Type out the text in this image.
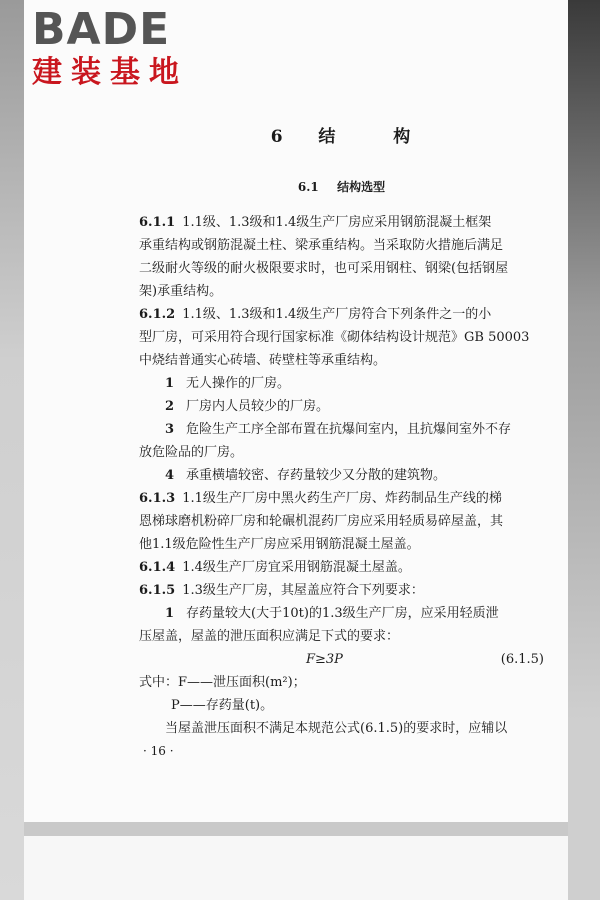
BADE
建装基地
6 结	构
6.1 结构选型
6.1.1 1.1级、1.3级和1.4级生产厂房应采用钢筋混凝土框架
承重结构或钢筋混凝土柱、梁承重结构。当采取防火措施后满足
二级耐火等级的耐火极限要求时，也可采用钢柱、钢梁(包括钢屋
架)承重结构。
6.1.2 1.1级、1.3级和1.4级生产厂房符合下列条件之一的小
型厂房，可采用符合现行国家标准《砌体结构设计规范》GB 50003
中烧结普通实心砖墙、砖壁柱等承重结构。
1 无人操作的厂房。
2 厂房内人员较少的厂房。
3 危险生产工序全部布置在抗爆间室内，且抗爆间室外不存
放危险品的厂房。
4 承重横墙较密、存药量较少又分散的建筑物。
6.1.3 1.1级生产厂房中黑火药生产厂房、炸药制品生产线的梯
恩梯球磨机粉碎厂房和轮碾机混药厂房应采用轻质易碎屋盖，其
他1.1级危险性生产厂房应采用钢筋混凝土屋盖。
6.1.4 1.4级生产厂房宜采用钢筋混凝土屋盖。
6.1.5 1.3级生产厂房，其屋盖应符合下列要求：
1 存药量较大(大于10t)的1.3级生产厂房，应采用轻质泄
压屋盖，屋盖的泄压面积应满足下式的要求：
F≥3P	(6.1.5)
式中：F——泄压面积(m²)；
P——存药量(t)。
当屋盖泄压面积不满足本规范公式(6.1.5)的要求时，应辅以
· 16 ·
